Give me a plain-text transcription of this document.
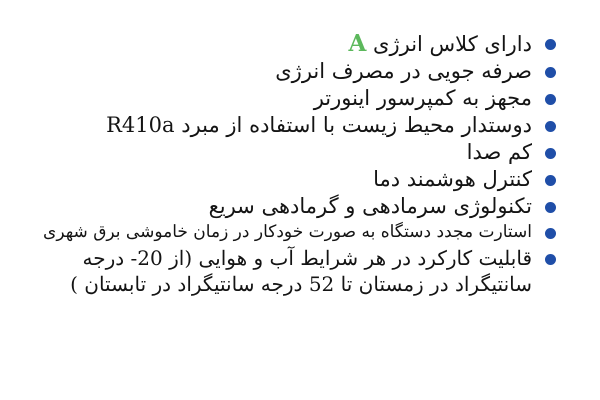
دارای کلاس انرژی A
صرفه جویی در مصرف انرژی
مجهز به کمپرسور اینورتر
دوستدار محیط زیست با استفاده از مبرد R410a
کم صدا
کنترل هوشمند دما
تکنولوژی سرمادهی و گرمادهی سریع
استارت مجدد دستگاه به صورت خودکار در زمان خاموشی برق شهری
قابلیت کارکرد در هر شرایط آب و هوایی (از 20- درجه سانتیگراد در زمستان تا 52 درجه سانتیگراد در تابستان )
